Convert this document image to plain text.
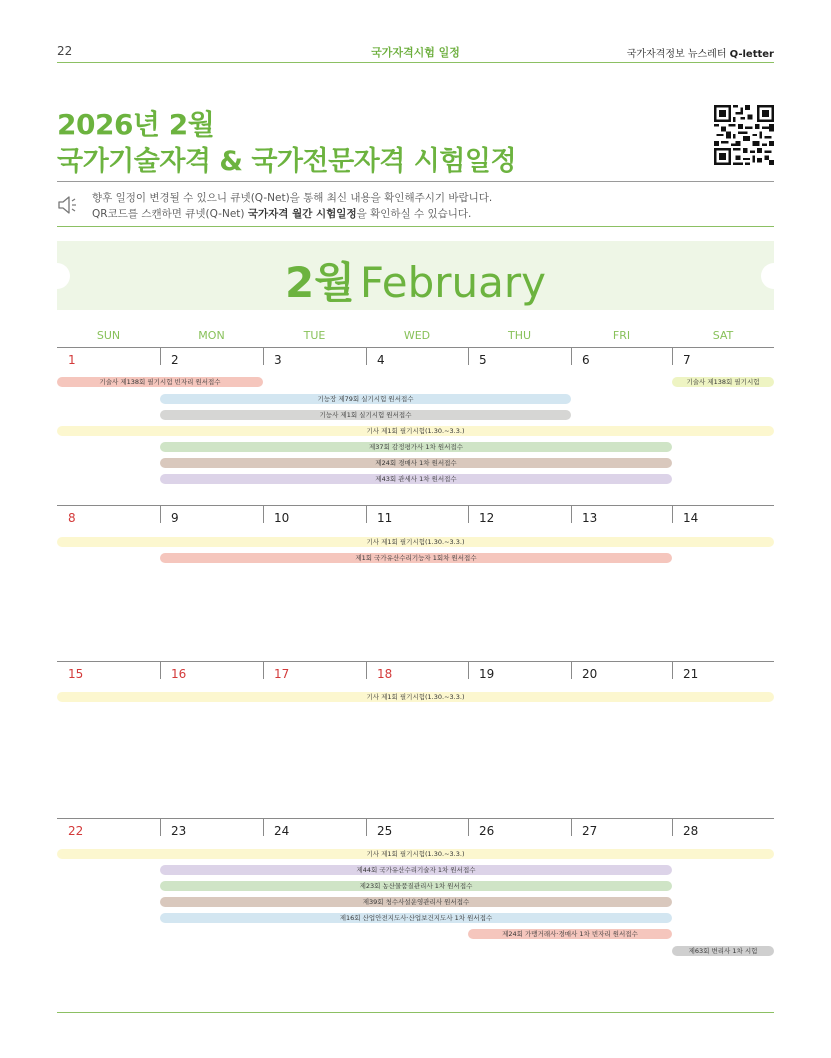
22	국가자격시험 일정	국가자격정보 뉴스레터 Q-letter
2026년 2월
국가기술자격 & 국가전문자격 시험일정
향후 일정이 변경될 수 있으니 큐넷(Q-Net)을 통해 최신 내용을 확인해주시기 바랍니다.
QR코드를 스캔하면 큐넷(Q-Net) 국가자격 월간 시험일정을 확인하실 수 있습니다.
2월 February
SUN	MON	TUE	WED	THU	FRI	SAT
1	2	3	4	5	6	7
기술사 제138회 필기시험 빈자리 원서접수	기술사 제138회 필기시험
기능장 제79회 실기시험 원서접수
기능사 제1회 실기시험 원서접수
기사 제1회 필기시험(1.30.~3.3.)
제37회 감정평가사 1차 원서접수
제24회 경매사 1차 원서접수
제43회 관세사 1차 원서접수
8	9	10	11	12	13	14
기사 제1회 필기시험(1.30.~3.3.)
제1회 국가유산수리기능자 1회차 원서접수
15	16	17	18	19	20	21
기사 제1회 필기시험(1.30.~3.3.)
22	23	24	25	26	27	28
기사 제1회 필기시험(1.30.~3.3.)
제44회 국가유산수리기술자 1차 원서접수
제23회 농산물품질관리사 1차 원서접수
제39회 청수사설운영관리사 원서접수
제16회 산업안전지도사·산업보건지도사 1차 원서접수
제24회 가맹거래사·경매사 1차 빈자리 원서접수
제63회 변리사 1차 시험
